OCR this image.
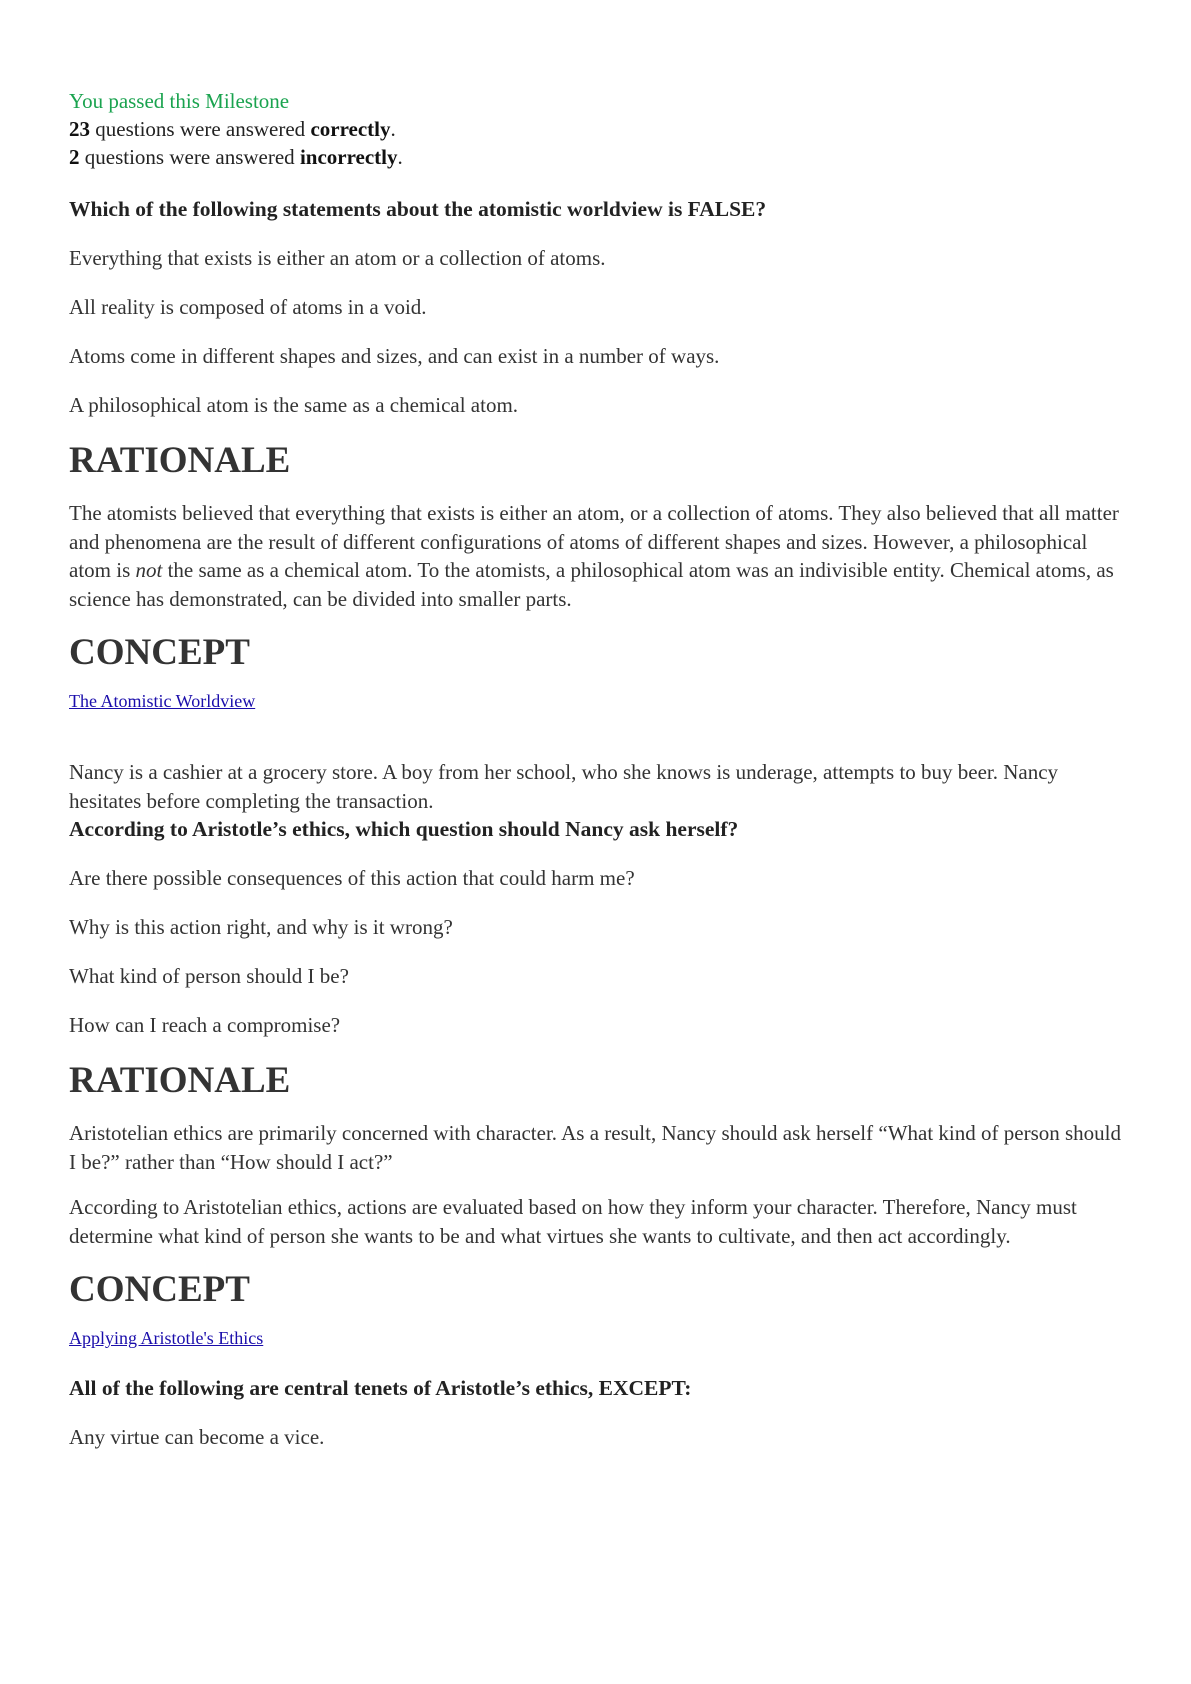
You passed this Milestone

23 questions were answered correctly.

2 questions were answered incorrectly.

Which of the following statements about the atomistic worldview is FALSE?

Everything that exists is either an atom or a collection of atoms.

All reality is composed of atoms in a void.

Atoms come in different shapes and sizes, and can exist in a number of ways.

A philosophical atom is the same as a chemical atom.

RATIONALE

The atomists believed that everything that exists is either an atom, or a collection of atoms. They also believed that all matter and phenomena are the result of different configurations of atoms of different shapes and sizes. However, a philosophical atom is not the same as a chemical atom. To the atomists, a philosophical atom was an indivisible entity. Chemical atoms, as science has demonstrated, can be divided into smaller parts.

CONCEPT
The Atomistic Worldview

Nancy is a cashier at a grocery store. A boy from her school, who she knows is underage, attempts to buy beer. Nancy hesitates before completing the transaction.

According to Aristotle’s ethics, which question should Nancy ask herself?

Are there possible consequences of this action that could harm me?

Why is this action right, and why is it wrong?

What kind of person should I be?

How can I reach a compromise?

RATIONALE

Aristotelian ethics are primarily concerned with character. As a result, Nancy should ask herself “What kind of person should I be?” rather than “How should I act?”

According to Aristotelian ethics, actions are evaluated based on how they inform your character. Therefore, Nancy must determine what kind of person she wants to be and what virtues she wants to cultivate, and then act accordingly.

CONCEPT
Applying Aristotle's Ethics

All of the following are central tenets of Aristotle’s ethics, EXCEPT:

Any virtue can become a vice.
